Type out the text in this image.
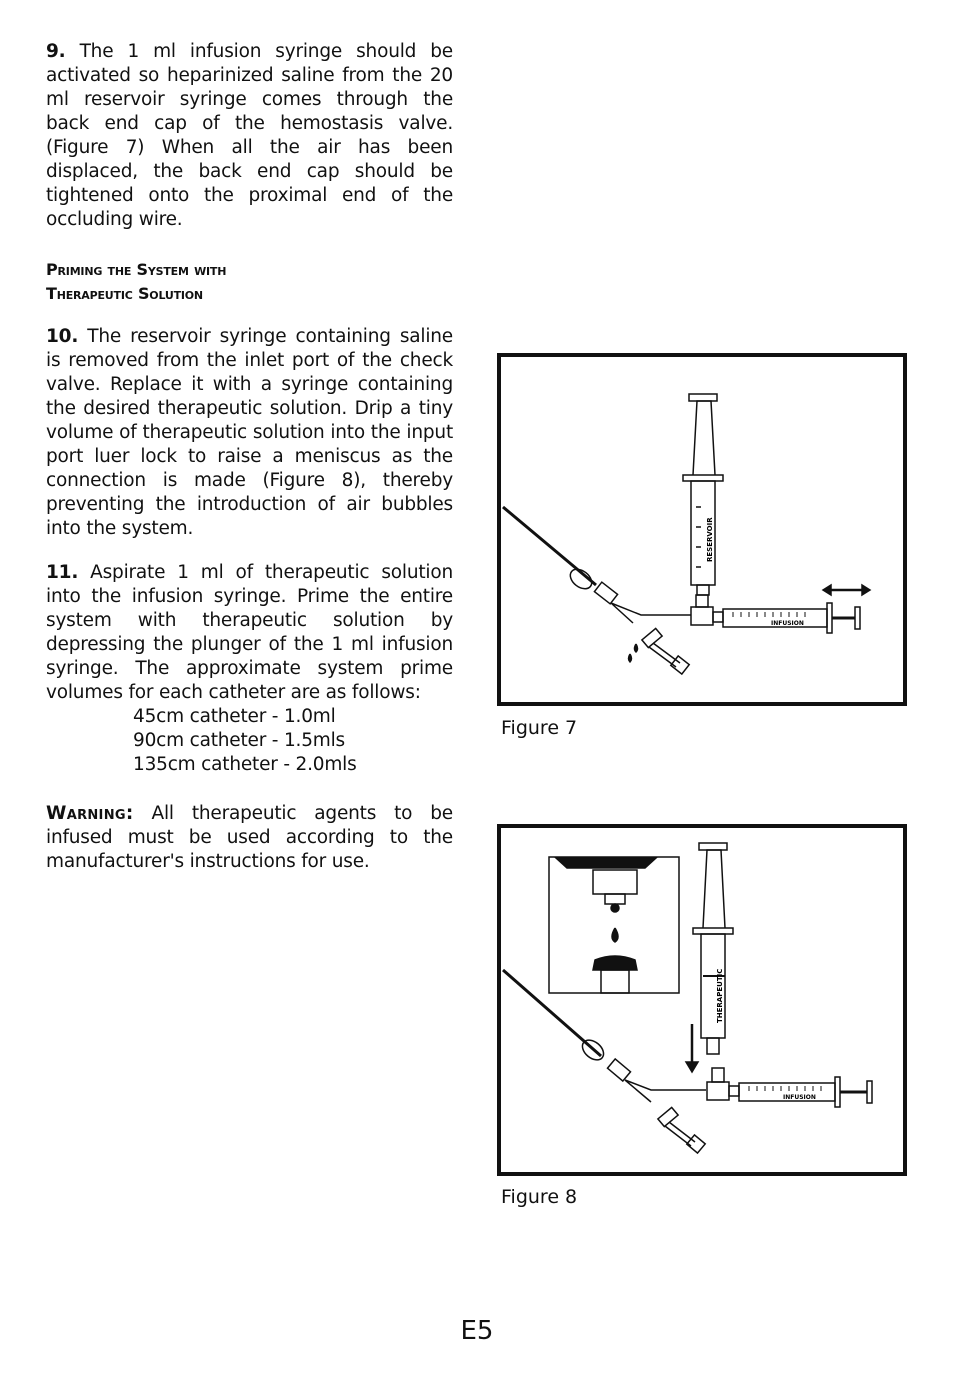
9. The 1 ml infusion syringe should be activated so heparinized saline from the 20 ml reservoir syringe comes through the back end cap of the hemostasis valve. (Figure 7) When all the air has been displaced, the back end cap should be tightened onto the proximal end of the occluding wire.

Priming the System with

Therapeutic Solution

10. The reservoir syringe containing saline is removed from the inlet port of the check valve. Replace it with a syringe containing the desired therapeutic solution. Drip a tiny volume of therapeutic solution into the input port luer lock to raise a meniscus as the connection is made (Figure 8), thereby preventing the introduction of air bubbles into the system.

11. Aspirate 1 ml of therapeutic solution into the infusion syringe. Prime the entire system with therapeutic solution by depressing the plunger of the 1 ml infusion syringe. The approximate system prime volumes for each catheter are as follows:

45cm catheter - 1.0ml
90cm catheter - 1.5mls
135cm catheter - 2.0mls

Warning: All therapeutic agents to be infused must be used according to the manufacturer's instructions for use.

RESERVOIR
INFUSION
Figure 7
THERAPEUTIC
INFUSION
Figure 8
E5
